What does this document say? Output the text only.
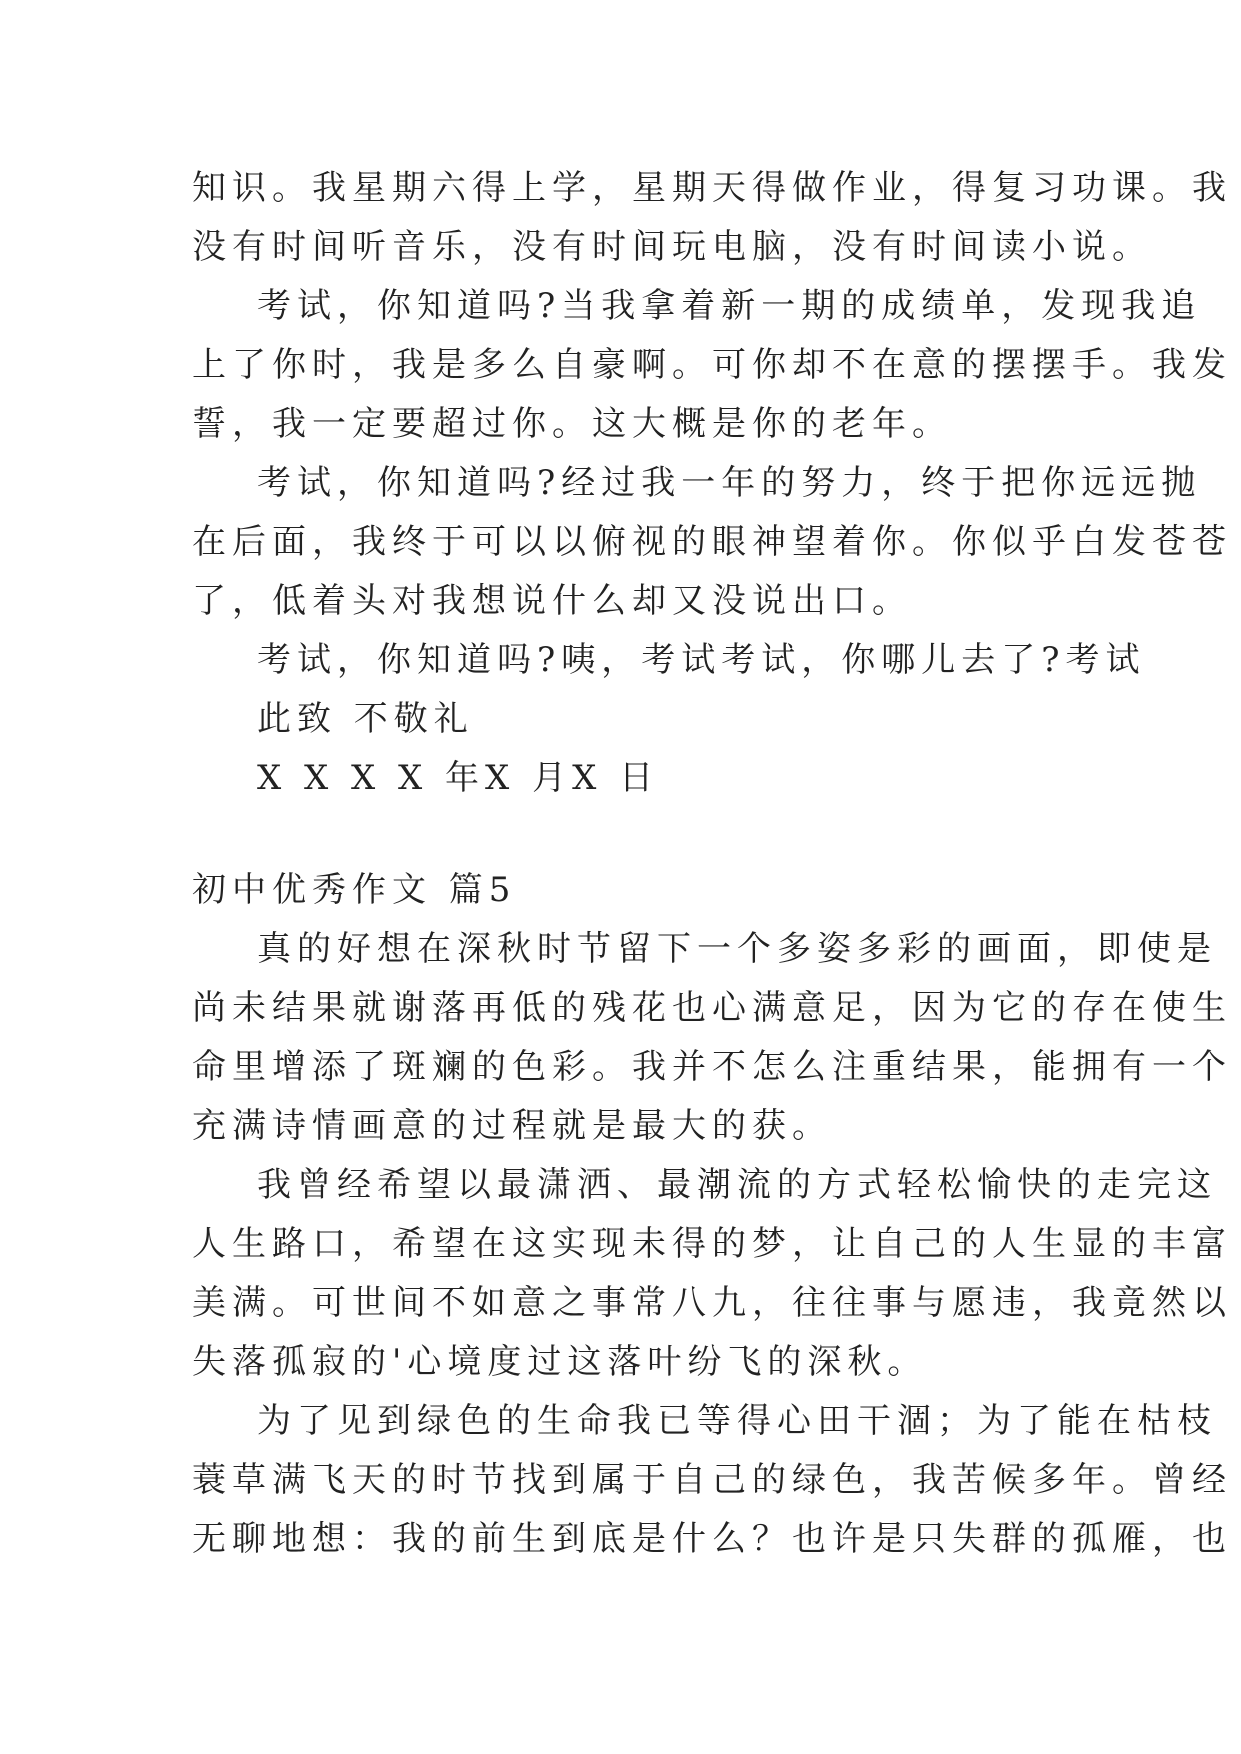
知识。我星期六得上学，星期天得做作业，得复习功课。我
没有时间听音乐，没有时间玩电脑，没有时间读小说。
考试，你知道吗?当我拿着新一期的成绩单，发现我追
上了你时，我是多么自豪啊。可你却不在意的摆摆手。我发
誓，我一定要超过你。这大概是你的老年。
考试，你知道吗?经过我一年的努力，终于把你远远抛
在后面，我终于可以以俯视的眼神望着你。你似乎白发苍苍
了，低着头对我想说什么却又没说出口。
考试，你知道吗?咦，考试考试，你哪儿去了?考试
此致 不敬礼
X X X X 年X 月X 日
初中优秀作文 篇5
真的好想在深秋时节留下一个多姿多彩的画面，即使是
尚未结果就谢落再低的残花也心满意足，因为它的存在使生
命里增添了斑斓的色彩。我并不怎么注重结果，能拥有一个
充满诗情画意的过程就是最大的获。
我曾经希望以最潇洒、最潮流的方式轻松愉快的走完这
人生路口，希望在这实现未得的梦，让自己的人生显的丰富
美满。可世间不如意之事常八九，往往事与愿违，我竟然以
失落孤寂的'心境度过这落叶纷飞的深秋。
为了见到绿色的生命我已等得心田干涸；为了能在枯枝
蓑草满飞天的时节找到属于自己的绿色，我苦候多年。曾经
无聊地想：我的前生到底是什么？也许是只失群的孤雁，也
